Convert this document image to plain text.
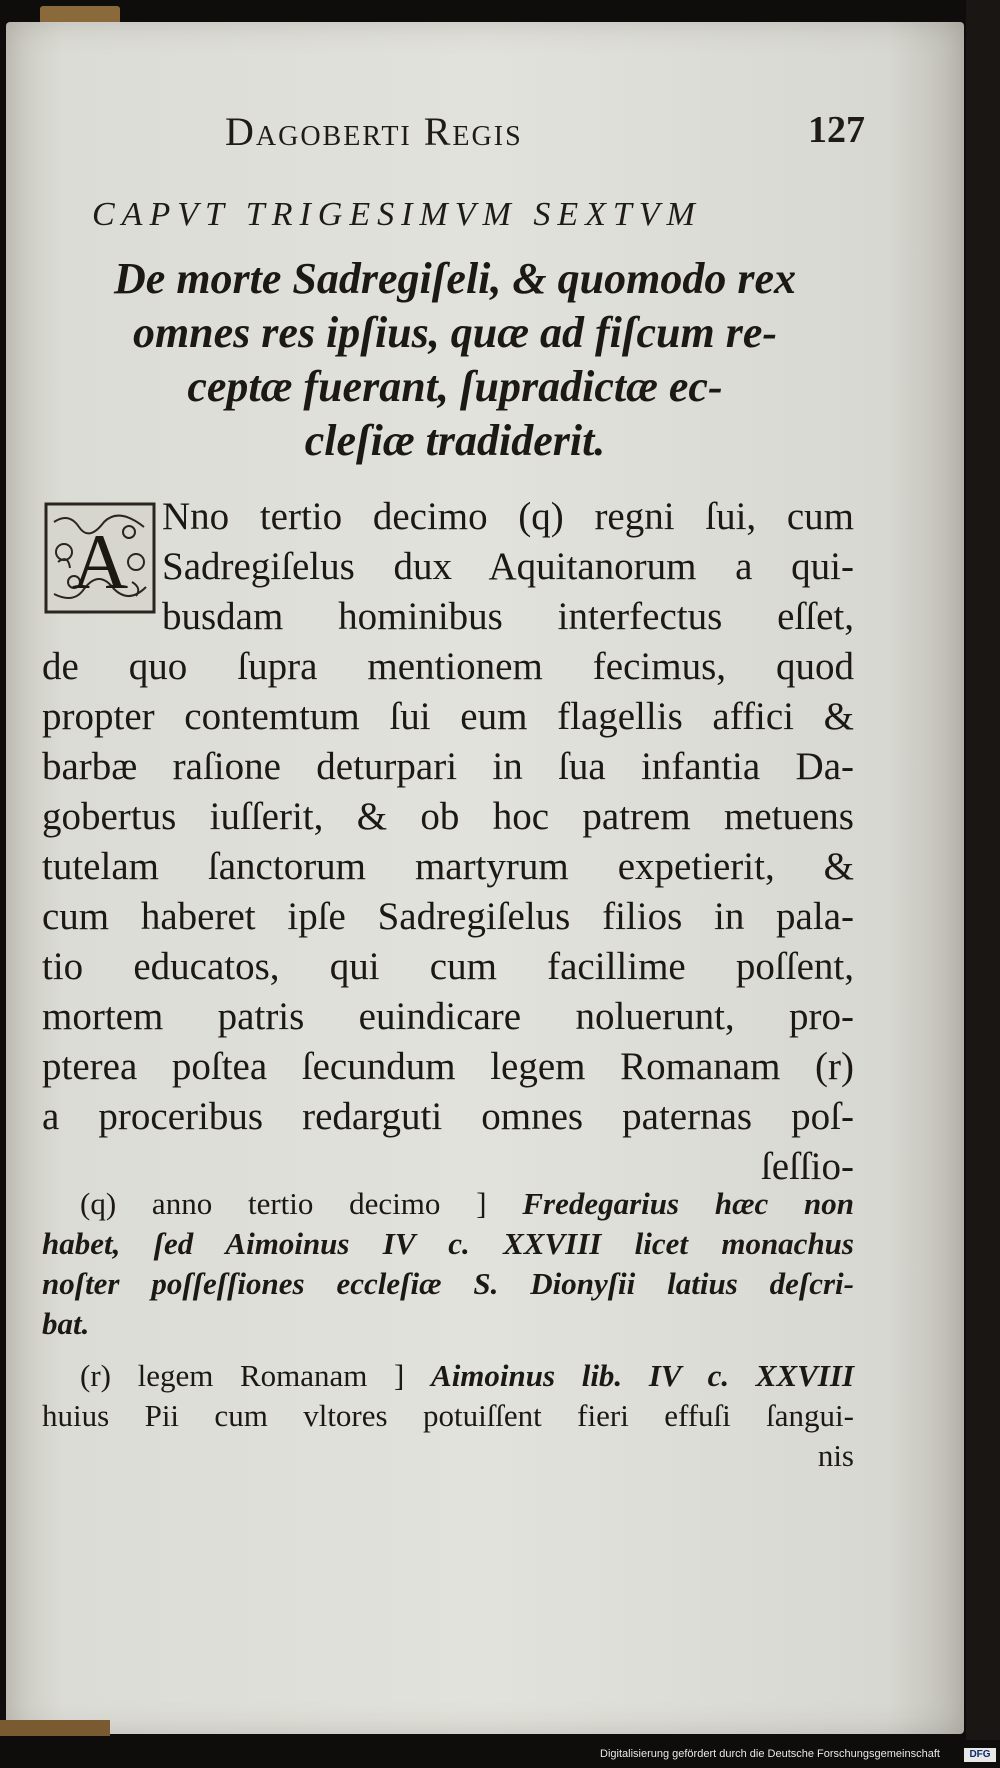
Dagoberti Regis	127
CAPVT TRIGESIMVM SEXTVM
De morte Sadregiſeli, & quomodo rex
omnes res ipſius, quæ ad fiſcum re-
ceptæ fuerant, ſupradictæ ec-
cleſiæ tradiderit.
A
Nno tertio decimo (q) regni ſui, cum
Sadregiſelus dux Aquitanorum a qui-
busdam hominibus interfectus eſſet,
de quo ſupra mentionem fecimus, quod
propter contemtum ſui eum flagellis affici &
barbæ raſione deturpari in ſua infantia Da-
gobertus iuſſerit, & ob hoc patrem metuens
tutelam ſanctorum martyrum expetierit, &
cum haberet ipſe Sadregiſelus filios in pala-
tio educatos, qui cum facillime poſſent,
mortem patris euindicare noluerunt, pro-
pterea poſtea ſecundum legem Romanam (r)
a proceribus redarguti omnes paternas poſ-
ſeſſio-
(q) anno tertio decimo ] Fredegarius hæc non
habet, ſed Aimoinus IV c. XXVIII licet monachus
noſter poſſeſſiones eccleſiæ S. Dionyſii latius deſcri-
bat.
(r) legem Romanam ] Aimoinus lib. IV c. XXVIII
huius Pii cum vltores potuiſſent fieri effuſi ſangui-
nis
Digitalisierung gefördert durch die Deutsche Forschungsgemeinschaft	DFG
